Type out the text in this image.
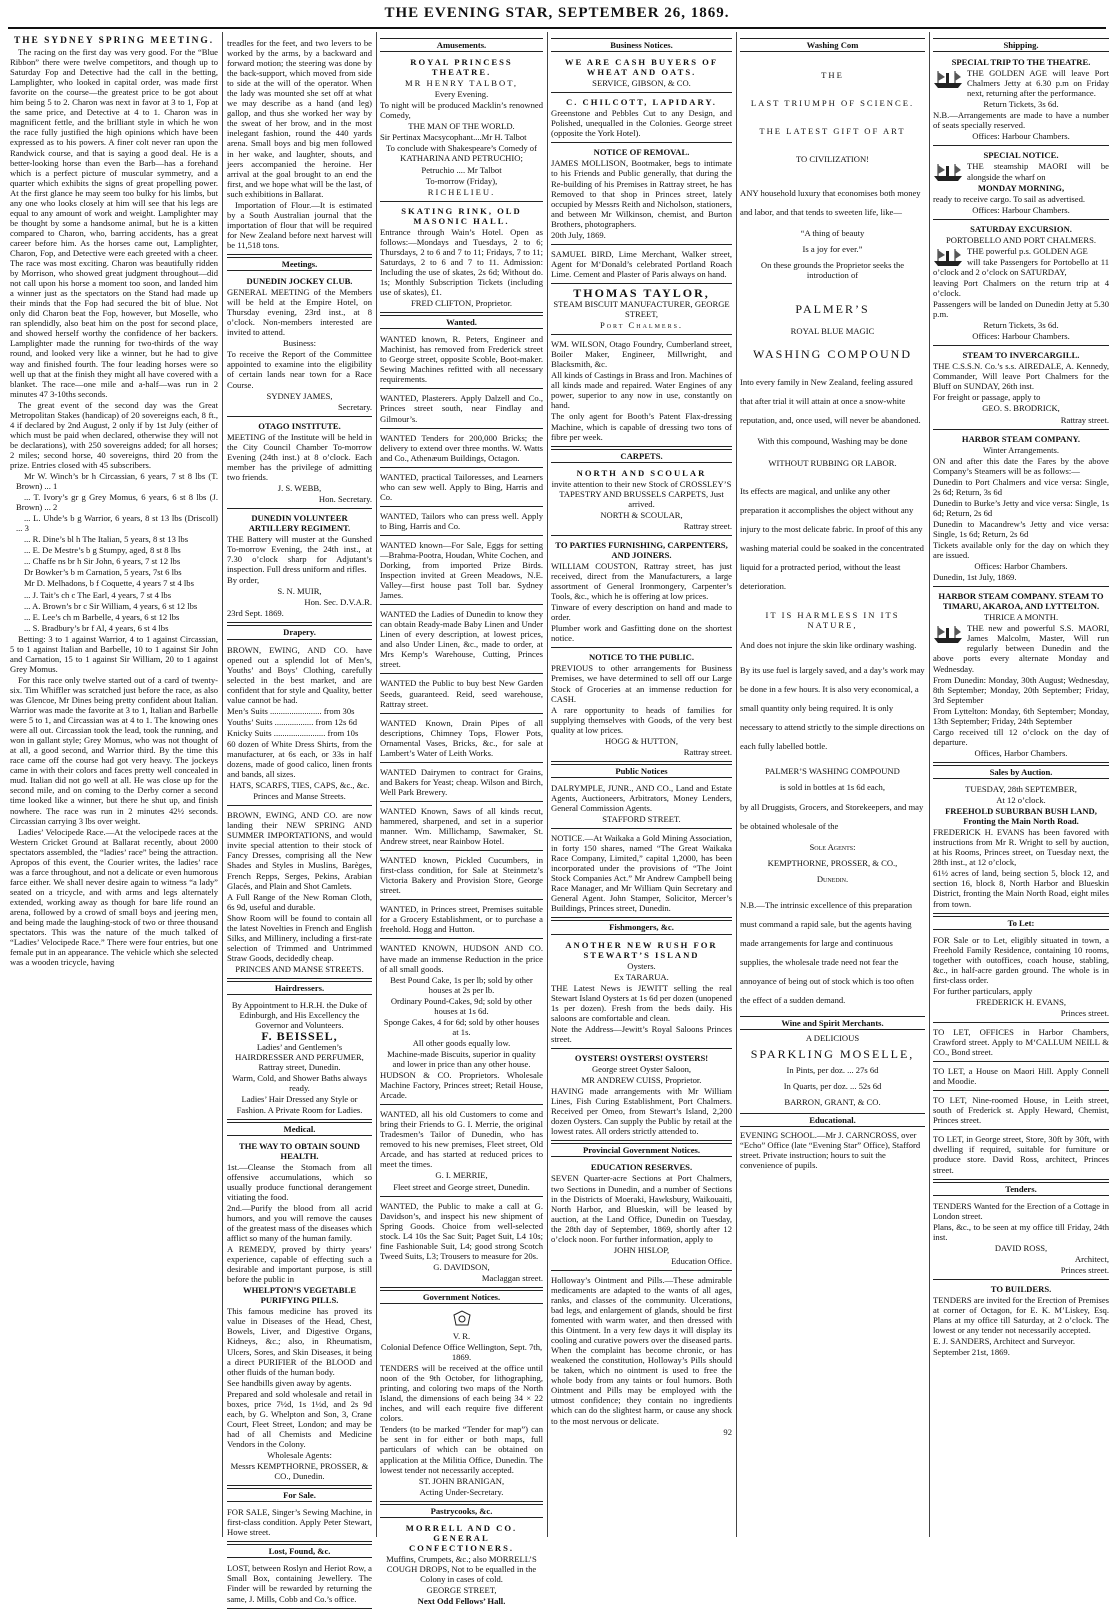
THE EVENING STAR, SEPTEMBER 26, 1869.

THE SYDNEY SPRING MEETING.

The racing on the first day was very good. For the “Blue Ribbon” there were twelve competitors, and though up to Saturday Fop and Detective had the call in the betting, Lamplighter, who looked in capital order, was made first favorite on the course—the greatest price to be got about him being 5 to 2. Charon was next in favor at 3 to 1, Fop at the same price, and Detective at 4 to 1. Charon was in magnificent fettle, and the brilliant style in which he won the race fully justified the high opinions which have been expressed as to his powers. A finer colt never ran upon the Randwick course, and that is saying a good deal. He is a better-looking horse than even the Barb—has a forehand which is a perfect picture of muscular symmetry, and a quarter which exhibits the signs of great propelling power. At the first glance he may seem too bulky for his limbs, but any one who looks closely at him will see that his legs are equal to any amount of work and weight. Lamplighter may be thought by some a handsome animal, but he is a kitten compared to Charon, who, barring accidents, has a great career before him. As the horses came out, Lamplighter, Charon, Fop, and Detective were each greeted with a cheer. The race was most exciting. Charon was beautifully ridden by Morrison, who showed great judgment throughout—did not call upon his horse a moment too soon, and landed him a winner just as the spectators on the Stand had made up their minds that the Fop had secured the bit of blue. Not only did Charon beat the Fop, however, but Moselle, who ran splendidly, also beat him on the post for second place, and showed herself worthy the confidence of her backers. Lamplighter made the running for two-thirds of the way round, and looked very like a winner, but he had to give way and finished fourth. The four leading horses were so well up that at the finish they might all have covered with a blanket. The race—one mile and a-half—was run in 2 minutes 47 3-10ths seconds.

The great event of the second day was the Great Metropolitan Stakes (handicap) of 20 sovereigns each, 8 ft., 4 if declared by 2nd August, 2 only if by 1st July (either of which must be paid when declared, otherwise they will not be declarations), with 250 sovereigns added; for all horses; 2 miles; second horse, 40 sovereigns, third 20 from the prize. Entries closed with 45 subscribers.

Mr W. Winch’s br h Circassian, 6 years, 7 st 8 lbs (T. Brown) ... 1

... T. Ivory’s gr g Grey Momus, 6 years, 6 st 8 lbs (J. Brown) ... 2

... L. Uhde’s b g Warrior, 6 years, 8 st 13 lbs (Driscoll) ... 3

... R. Dine’s bl h The Italian, 5 years, 8 st 13 lbs

... E. De Mestre’s b g Stumpy, aged, 8 st 8 lbs

... Chaffe ns br h Sir John, 6 years, 7 st 12 lbs

Dr Bowker’s b m Carnation, 5 years, 7st 6 lbs

Mr D. Melhadons, b f Coquette, 4 years 7 st 4 lbs

... J. Tait’s ch c The Earl, 4 years, 7 st 4 lbs

... A. Brown’s br c Sir William, 4 years, 6 st 12 lbs

... E. Lee’s ch m Barbelle, 4 years, 6 st 12 lbs

... S. Bradbury’s br f Al, 4 years, 6 st 4 lbs

Betting: 3 to 1 against Warrior, 4 to 1 against Circassian, 5 to 1 against Italian and Barbelle, 10 to 1 against Sir John and Carnation, 15 to 1 against Sir William, 20 to 1 against Grey Momus.

For this race only twelve started out of a card of twenty-six. Tim Whiffler was scratched just before the race, as also was Glencoe, Mr Dines being pretty confident about Italian. Warrior was made the favorite at 3 to 1, Italian and Barbelle were 5 to 1, and Circassian was at 4 to 1. The knowing ones were all out. Circassian took the lead, took the running, and won in gallant style; Grey Momus, who was not thought of at all, a good second, and Warrior third. By the time this race came off the course had got very heavy. The jockeys came in with their colors and faces pretty well concealed in mud. Italian did not go well at all. He was close up for the second mile, and on coming to the Derby corner a second time looked like a winner, but there he shut up, and finish nowhere. The race was run in 2 minutes 42½ seconds. Circassian carrying 3 lbs over weight.

Ladies’ Velocipede Race.—At the velocipede races at the Western Cricket Ground at Ballarat recently, about 2000 spectators assembled, the “ladies’ race” being the attraction. Apropos of this event, the Courier writes, the ladies’ race was a farce throughout, and not a delicate or even humorous farce either. We shall never desire again to witness “a lady” seated on a tricycle, and with arms and legs alternately extended, working away as though for bare life round an arena, followed by a crowd of small boys and jeering men, and being made the laughing-stock of two or three thousand spectators. This was the nature of the much talked of “Ladies’ Velocipede Race.” There were four entries, but one female put in an appearance. The vehicle which she selected was a wooden tricycle, having

treadles for the feet, and two levers to be worked by the arms, by a backward and forward motion; the steering was done by the back-support, which moved from side to side at the will of the operator. When the lady was mounted she set off at what we may describe as a hand (and leg) gallop, and thus she worked her way by the sweat of her brow, and in the most inelegant fashion, round the 440 yards arena. Small boys and big men followed in her wake, and laughter, shouts, and jeers accompanied the heroine. Her arrival at the goal brought to an end the first, and we hope what will be the last, of such exhibitions in Ballarat.

Importation of Flour.—It is estimated by a South Australian journal that the importation of flour that will be required for New Zealand before next harvest will be 11,518 tons.

Meetings.

DUNEDIN JOCKEY CLUB.

GENERAL MEETING of the Members will be held at the Empire Hotel, on Thursday evening, 23rd inst., at 8 o’clock. Non-members interested are invited to attend.

Business:

To receive the Report of the Committee appointed to examine into the eligibility of certain lands near town for a Race Course.

SYDNEY JAMES,

Secretary.

OTAGO INSTITUTE.

MEETING of the Institute will be held in the City Council Chamber To-morrow Evening (24th inst.) at 8 o’clock. Each member has the privilege of admitting two friends.

J. S. WEBB,

Hon. Secretary.

DUNEDIN VOLUNTEER ARTILLERY REGIMENT.

THE Battery will muster at the Gunshed To-morrow Evening, the 24th inst., at 7.30 o’clock sharp for Adjutant’s inspection. Full dress uniform and rifles.

By order,

S. N. MUIR,

Hon. Sec. D.V.A.R.

23rd Sept. 1869.

Drapery.

BROWN, EWING, AND CO. have opened out a splendid lot of Men’s, Youths’ and Boys’ Clothing, carefully selected in the best market, and are confident that for style and Quality, better value cannot be had.

Men’s Suits ........................ from 30s

Youths’ Suits .................. from 12s 6d

Knicky Suits ........................ from 10s

60 dozen of White Dress Shirts, from the manufacturer, at 6s each, or 33s in half dozens, made of good calico, linen fronts and bands, all sizes.

HATS, SCARFS, TIES, CAPS, &c., &c.

Princes and Manse Streets.

BROWN, EWING, AND CO. are now landing their NEW SPRING AND SUMMER IMPORTATIONS, and would invite special attention to their stock of Fancy Dresses, comprising all the New Shades and Styles in Muslins, Barèges, French Repps, Serges, Pekins, Arabian Glacés, and Plain and Shot Camlets.

A Full Range of the New Roman Cloth, 6s 9d, useful and durable.

Show Room will be found to contain all the latest Novelties in French and English Silks, and Millinery, including a first-rate selection of Trimmed and Untrimmed Straw Goods, decidedly cheap.

PRINCES AND MANSE STREETS.

Hairdressers.

By Appointment to H.R.H. the Duke of Edinburgh, and His Excellency the Governor and Volunteers.

F. BEISSEL,

Ladies’ and Gentlemen’s HAIRDRESSER AND PERFUMER, Rattray street, Dunedin.

Warm, Cold, and Shower Baths always ready.

Ladies’ Hair Dressed any Style or Fashion. A Private Room for Ladies.

Medical.

THE WAY TO OBTAIN SOUND HEALTH.

1st.—Cleanse the Stomach from all offensive accumulations, which so usually produce functional derangement vitiating the food.

2nd.—Purify the blood from all acrid humors, and you will remove the causes of the greatest mass of the diseases which afflict so many of the human family.

A REMEDY, proved by thirty years’ experience, capable of effecting such a desirable and important purpose, is still before the public in

WHELPTON’S VEGETABLE PURIFYING PILLS.

This famous medicine has proved its value in Diseases of the Head, Chest, Bowels, Liver, and Digestive Organs, Kidneys, &c.; also, in Rheumatism, Ulcers, Sores, and Skin Diseases, it being a direct PURIFIER of the BLOOD and other fluids of the human body.

See handbills given away by agents.

Prepared and sold wholesale and retail in boxes, price 7½d, 1s 1½d, and 2s 9d each, by G. Whelpton and Son, 3, Crane Court, Fleet Street, London; and may be had of all Chemists and Medicine Vendors in the Colony.

Wholesale Agents:

Messrs KEMPTHORNE, PROSSER, & CO., Dunedin.

For Sale.

FOR SALE, Singer’s Sewing Machine, in first-class condition. Apply Peter Stewart, Howe street.

Lost, Found, &c.

LOST, between Roslyn and Heriot Row, a Small Box, containing Jewellery. The Finder will be rewarded by returning the same, J. Mills, Cobb and Co.’s office.

Amusements.

ROYAL PRINCESS THEATRE.

MR HENRY TALBOT,

Every Evening.

To night will be produced Macklin’s renowned Comedy,

THE MAN OF THE WORLD.

Sir Pertinax Macsycophant....Mr H. Talbot

To conclude with Shakespeare’s Comedy of KATHARINA AND PETRUCHIO;

Petruchio .... Mr Talbot

To-morrow (Friday),

RICHELIEU.

SKATING RINK, OLD MASONIC HALL.

Entrance through Wain’s Hotel. Open as follows:—Mondays and Tuesdays, 2 to 6; Thursdays, 2 to 6 and 7 to 11; Fridays, 7 to 11; Saturdays, 2 to 6 and 7 to 11. Admission: Including the use of skates, 2s 6d; Without do. 1s; Monthly Subscription Tickets (including use of skates), £1.

FRED CLIFTON, Proprietor.

Wanted.

WANTED known, R. Peters, Engineer and Machinist, has removed from Frederick street to George street, opposite Scoble, Boot-maker. Sewing Machines refitted with all necessary requirements.

WANTED, Plasterers. Apply Dalzell and Co., Princes street south, near Findlay and Gilmour’s.

WANTED Tenders for 200,000 Bricks; the delivery to extend over three months. W. Watts and Co., Athenæum Buildings, Octagon.

WANTED, practical Tailoresses, and Learners who can sew well. Apply to Bing, Harris and Co.

WANTED, Tailors who can press well. Apply to Bing, Harris and Co.

WANTED known—For Sale, Eggs for setting—Brahma-Pootra, Houdan, White Cochen, and Dorking, from imported Prize Birds. Inspection invited at Green Meadows, N.E. Valley—first house past Toll bar. Sydney James.

WANTED the Ladies of Dunedin to know they can obtain Ready-made Baby Linen and Under Linen of every description, at lowest prices, and also Under Linen, &c., made to order, at Mrs Kemp’s Warehouse, Cutting, Princes street.

WANTED the Public to buy best New Garden Seeds, guaranteed. Reid, seed warehouse, Rattray street.

WANTED Known, Drain Pipes of all descriptions, Chimney Tops, Flower Pots, Ornamental Vases, Bricks, &c., for sale at Lambert’s Water of Leith Works.

WANTED Dairymen to contract for Grains, and Bakers for Yeast; cheap. Wilson and Birch, Well Park Brewery.

WANTED Known, Saws of all kinds recut, hammered, sharpened, and set in a superior manner. Wm. Millichamp, Sawmaker, St. Andrew street, near Rainbow Hotel.

WANTED known, Pickled Cucumbers, in first-class condition, for Sale at Steinmetz’s Victoria Bakery and Provision Store, George street.

WANTED, in Princes street, Premises suitable for a Grocery Establishment, or to purchase a freehold. Hogg and Hutton.

WANTED KNOWN, HUDSON AND CO. have made an immense Reduction in the price of all small goods.

Best Pound Cake, 1s per lb; sold by other houses at 2s per lb.

Ordinary Pound-Cakes, 9d; sold by other houses at 1s 6d.

Sponge Cakes, 4 for 6d; sold by other houses at 1s.

All other goods equally low.

Machine-made Biscuits, superior in quality and lower in price than any other house.

HUDSON & CO. Proprietors. Wholesale Machine Factory, Princes street; Retail House, Arcade.

WANTED, all his old Customers to come and bring their Friends to G. I. Merrie, the original Tradesmen’s Tailor of Dunedin, who has removed to his new premises, Fleet street, Old Arcade, and has started at reduced prices to meet the times.

G. I. MERRIE,

Fleet street and George street, Dunedin.

WANTED, the Public to make a call at G. Davidson’s, and inspect his new shipment of Spring Goods. Choice from well-selected stock. L4 10s the Sac Suit; Paget Suit, L4 10s; fine Fashionable Suit, L4; good strong Scotch Tweed Suits, L3; Trousers to measure for 20s.

G. DAVIDSON,

Maclaggan street.

Government Notices.

V. R.

Colonial Defence Office Wellington, Sept. 7th, 1869.

TENDERS will be received at the office until noon of the 9th October, for lithographing, printing, and coloring two maps of the North Island, the dimensions of each being 34 × 22 inches, and will each require five different colors.

Tenders (to be marked “Tender for map”) can be sent in for either or both maps, full particulars of which can be obtained on application at the Militia Office, Dunedin. The lowest tender not necessarily accepted.

ST. JOHN BRANIGAN,

Acting Under-Secretary.

Pastrycooks, &c.

MORRELL AND CO. GENERAL CONFECTIONERS.

Muffins, Crumpets, &c.; also MORRELL’S COUGH DROPS, Not to be equalled in the Colony in cases of cold.

GEORGE STREET,

Next Odd Fellows’ Hall.

Business Notices.

WE ARE CASH BUYERS OF WHEAT AND OATS.

SERVICE, GIBSON, & CO.

C. CHILCOTT, LAPIDARY.

Greenstone and Pebbles Cut to any Design, and Polished, unequalled in the Colonies. George street (opposite the York Hotel).

NOTICE OF REMOVAL.

JAMES MOLLISON, Bootmaker, begs to intimate to his Friends and Public generally, that during the Re-building of his Premises in Rattray street, he has Removed to that shop in Princes street, lately occupied by Messrs Reith and Nicholson, stationers, and between Mr Wilkinson, chemist, and Burton Brothers, photographers.

20th July, 1869.

SAMUEL BIRD, Lime Merchant, Walker street, Agent for M‘Donald’s celebrated Portland Roach Lime. Cement and Plaster of Paris always on hand.

THOMAS TAYLOR,

STEAM BISCUIT MANUFACTURER, GEORGE STREET,

Port Chalmers.

WM. WILSON, Otago Foundry, Cumberland street, Boiler Maker, Engineer, Millwright, and Blacksmith, &c.

All kinds of Castings in Brass and Iron. Machines of all kinds made and repaired. Water Engines of any power, superior to any now in use, constantly on hand.

The only agent for Booth’s Patent Flax-dressing Machine, which is capable of dressing two tons of fibre per week.

CARPETS.

NORTH AND SCOULAR

invite attention to their new Stock of CROSSLEY’S TAPESTRY AND BRUSSELS CARPETS, Just arrived.

NORTH & SCOULAR,

Rattray street.

TO PARTIES FURNISHING, CARPENTERS, AND JOINERS.

WILLIAM COUSTON, Rattray street, has just received, direct from the Manufacturers, a large assortment of General Ironmongery, Carpenter’s Tools, &c., which he is offering at low prices.

Tinware of every description on hand and made to order.

Plumber work and Gasfitting done on the shortest notice.

NOTICE TO THE PUBLIC.

PREVIOUS to other arrangements for Business Premises, we have determined to sell off our Large Stock of Groceries at an immense reduction for CASH.

A rare opportunity to heads of families for supplying themselves with Goods, of the very best quality at low prices.

HOGG & HUTTON,

Rattray street.

Public Notices

DALRYMPLE, JUNR., AND CO., Land and Estate Agents, Auctioneers, Arbitrators, Money Lenders, General Commission Agents.

STAFFORD STREET.

NOTICE.—At Waikaka a Gold Mining Association, in forty 150 shares, named “The Great Waikaka Race Company, Limited,” capital 1,2000, has been incorporated under the provisions of “The Joint Stock Companies Act.” Mr Andrew Campbell being Race Manager, and Mr William Quin Secretary and General Agent. John Stamper, Solicitor, Mercer’s Buildings, Princes street, Dunedin.

Fishmongers, &c.

ANOTHER NEW RUSH FOR STEWART’S ISLAND

Oysters.

Ex TARARUA.

THE Latest News is JEWITT selling the real Stewart Island Oysters at 1s 6d per dozen (unopened 1s per dozen). Fresh from the beds daily. His saloons are comfortable and clean.

Note the Address—Jewitt’s Royal Saloons Princes street.

OYSTERS! OYSTERS! OYSTERS!

George street Oyster Saloon,

MR ANDREW CUISS, Proprietor.

HAVING made arrangements with Mr William Lines, Fish Curing Establishment, Port Chalmers. Received per Omeo, from Stewart’s Island, 2,200 dozen Oysters. Can supply the Public by retail at the lowest rates. All orders strictly attended to.

Provincial Government Notices.

EDUCATION RESERVES.

SEVEN Quarter-acre Sections at Port Chalmers, two Sections in Dunedin, and a number of Sections in the Districts of Moeraki, Hawksbury, Waikouaiti, North Harbor, and Blueskin, will be leased by auction, at the Land Office, Dunedin on Tuesday, the 28th day of September, 1869, shortly after 12 o’clock noon. For further information, apply to

JOHN HISLOP,

Education Office.

Holloway’s Ointment and Pills.—These admirable medicaments are adapted to the wants of all ages, ranks, and classes of the community. Ulcerations, bad legs, and enlargement of glands, should be first fomented with warm water, and then dressed with this Ointment. In a very few days it will display its cooling and curative powers over the diseased parts. When the complaint has become chronic, or has weakened the constitution, Holloway’s Pills should be taken, which no ointment is used to free the whole body from any taints or foul humors. Both Ointment and Pills may be employed with the utmost confidence; they contain no ingredients which can do the slightest harm, or cause any shock to the most nervous or delicate.

92

Washing Com

THE

LAST TRIUMPH OF SCIENCE.

THE LATEST GIFT OF ART

TO CIVILIZATION!

ANY household luxury that economises both money and labor, and that tends to sweeten life, like—

“A thing of beauty

Is a joy for ever.”

On these grounds the Proprietor seeks the introduction of

PALMER’S

ROYAL BLUE MAGIC

WASHING COMPOUND

Into every family in New Zealand, feeling assured that after trial it will attain at once a snow-white reputation, and, once used, will never be abandoned.

With this compound, Washing may be done

WITHOUT RUBBING OR LABOR.

Its effects are magical, and unlike any other preparation it accomplishes the object without any injury to the most delicate fabric. In proof of this any washing material could be soaked in the concentrated liquid for a protracted period, without the least deterioration.

IT IS HARMLESS IN ITS NATURE,

And does not injure the skin like ordinary washing.

By its use fuel is largely saved, and a day’s work may be done in a few hours. It is also very economical, a small quantity only being required. It is only necessary to attend strictly to the simple directions on each fully labelled bottle.

PALMER’S WASHING COMPOUND

is sold in bottles at 1s 6d each,

by all Druggists, Grocers, and Storekeepers, and may be obtained wholesale of the

Sole Agents:

KEMPTHORNE, PROSSER, & CO.,

Dunedin.

N.B.—The intrinsic excellence of this preparation must command a rapid sale, but the agents having made arrangements for large and continuous supplies, the wholesale trade need not fear the annoyance of being out of stock which is too often the effect of a sudden demand.

Wine and Spirit Merchants.

A DELICIOUS

SPARKLING MOSELLE,

In Pints, per doz. ... 27s 6d

In Quarts, per doz. ... 52s 6d

BARRON, GRANT, & CO.

Educational.

EVENING SCHOOL.—Mr J. CARNCROSS, over “Echo” Office (late “Evening Star” Office), Stafford street. Private instruction; hours to suit the convenience of pupils.

Shipping.

SPECIAL TRIP TO THE THEATRE.

THE GOLDEN AGE will leave Port Chalmers Jetty at 6.30 p.m on Friday next, returning after the performance.

Return Tickets, 3s 6d.

N.B.—Arrangements are made to have a number of seats specially reserved.

Offices: Harbour Chambers.

SPECIAL NOTICE.

THE steamship MAORI will be alongside the wharf on

MONDAY MORNING,

ready to receive cargo. To sail as advertised.

Offices: Harbour Chambers.

SATURDAY EXCURSION.

PORTOBELLO AND PORT CHALMERS.

THE powerful p.s. GOLDEN AGE

will take Passengers for Portobello at 11 o’clock and 2 o’clock on SATURDAY,

leaving Port Chalmers on the return trip at 4 o’clock.

Passengers will be landed on Dunedin Jetty at 5.30 p.m.

Return Tickets, 3s 6d.

Offices: Harbour Chambers.

STEAM TO INVERCARGILL.

THE C.S.S.N. Co.’s s.s. AIREDALE, A. Kennedy, Commander, Will leave Port Chalmers for the Bluff on SUNDAY, 26th inst.

For freight or passage, apply to

GEO. S. BRODRICK,

Rattray street.

HARBOR STEAM COMPANY.

Winter Arrangements.

ON and after this date the Fares by the above Company’s Steamers will be as follows:—

Dunedin to Port Chalmers and vice versa: Single, 2s 6d; Return, 3s 6d

Dunedin to Burke’s Jetty and vice versa: Single, 1s 6d; Return, 2s 6d

Dunedin to Macandrew’s Jetty and vice versa: Single, 1s 6d; Return, 2s 6d

Tickets available only for the day on which they are issued.

Offices: Harbor Chambers.

Dunedin, 1st July, 1869.

HARBOR STEAM COMPANY. STEAM TO TIMARU, AKAROA, AND LYTTELTON.

THRICE A MONTH.

THE new and powerful S.S. MAORI, James Malcolm, Master, Will run regularly between Dunedin and the above ports every alternate Monday and Wednesday.

From Dunedin: Monday, 30th August; Wednesday, 8th September; Monday, 20th September; Friday, 3rd September

From Lyttelton: Monday, 6th September; Monday, 13th September; Friday, 24th September

Cargo received till 12 o’clock on the day of departure.

Offices, Harbor Chambers.

Sales by Auction.

TUESDAY, 28th SEPTEMBER,

At 12 o’clock.

FREEHOLD SUBURBAN BUSH LAND, Fronting the Main North Road.

FREDERICK H. EVANS has been favored with instructions from Mr R. Wright to sell by auction, at his Rooms, Princes street, on Tuesday next, the 28th inst., at 12 o’clock,

61½ acres of land, being section 5, block 12, and section 16, block 8, North Harbor and Blueskin District, fronting the Main North Road, eight miles from town.

To Let:

FOR Sale or to Let, eligibly situated in town, a Freehold Family Residence, containing 10 rooms, together with outoffices, coach house, stabling, &c., in half-acre garden ground. The whole is in first-class order.

For further particulars, apply

FREDERICK H. EVANS,

Princes street.

TO LET, OFFICES in Harbor Chambers, Crawford street. Apply to M‘CALLUM NEILL & CO., Bond street.

TO LET, a House on Maori Hill. Apply Connell and Moodie.

TO LET, Nine-roomed House, in Leith street, south of Frederick st. Apply Heward, Chemist, Princes street.

TO LET, in George street, Store, 30ft by 30ft, with dwelling if required, suitable for furniture or produce store. David Ross, architect, Princes street.

Tenders.

TENDERS Wanted for the Erection of a Cottage in London street.

Plans, &c., to be seen at my office till Friday, 24th inst.

DAVID ROSS,

Architect,

Princes street.

TO BUILDERS.

TENDERS are invited for the Erection of Premises at corner of Octagon, for E. K. M’Liskey, Esq. Plans at my office till Saturday, at 2 o’clock. The lowest or any tender not necessarily accepted.

E. J. SANDERS, Architect and Surveyor.

September 21st, 1869.
